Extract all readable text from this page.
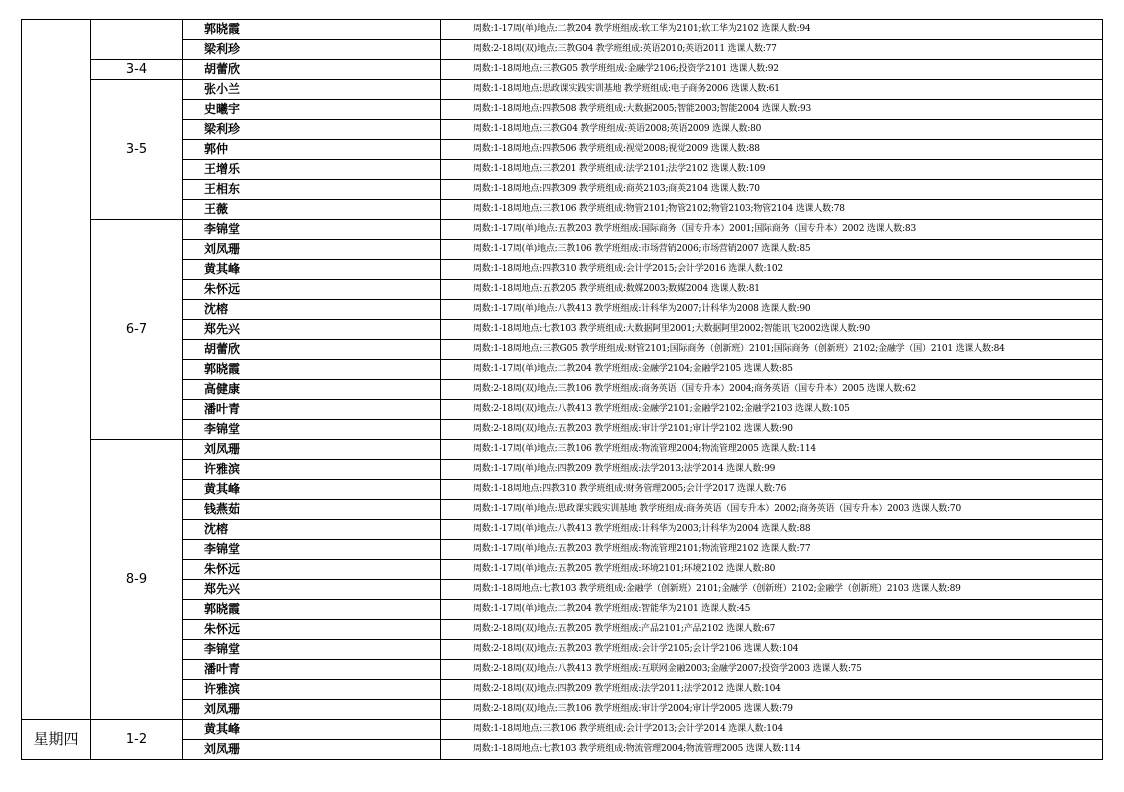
		郭晓霞	周数:1-17周(单)地点:二教204 教学班组成:软工华为2101;软工华为2102 选课人数:94
		梁利珍	周数:2-18周(双)地点:三教G04 教学班组成:英语2010;英语2011 选课人数:77
	3-4	胡蕾欣	周数:1-18周地点:三教G05 教学班组成:金融学2106;投资学2101 选课人数:92
	3-5	张小兰	周数:1-18周地点:思政课实践实训基地 教学班组成:电子商务2006 选课人数:61
		史曦宇	周数:1-18周地点:四教508 教学班组成:大数据2005;智能2003;智能2004 选课人数:93
		梁利珍	周数:1-18周地点:三教G04 教学班组成:英语2008;英语2009 选课人数:80
		郭仲	周数:1-18周地点:四教506 教学班组成:视觉2008;视觉2009 选课人数:88
		王增乐	周数:1-18周地点:三教201 教学班组成:法学2101;法学2102 选课人数:109
		王相东	周数:1-18周地点:四教309 教学班组成:商英2103;商英2104 选课人数:70
		王薇	周数:1-18周地点:三教106 教学班组成:物管2101;物管2102;物管2103;物管2104 选课人数:78
	6-7	李锦堂	周数:1-17周(单)地点:五教203 教学班组成:国际商务（国专升本）2001;国际商务（国专升本）2002 选课人数:83
		刘凤珊	周数:1-17周(单)地点:三教106 教学班组成:市场营销2006;市场营销2007 选课人数:85
		黄其峰	周数:1-18周地点:四教310 教学班组成:会计学2015;会计学2016 选课人数:102
		朱怀远	周数:1-18周地点:五教205 教学班组成:数媒2003;数媒2004 选课人数:81
		沈榕	周数:1-17周(单)地点:八教413 教学班组成:计科华为2007;计科华为2008 选课人数:90
		郑先兴	周数:1-18周地点:七教103 教学班组成:大数据阿里2001;大数据阿里2002;智能讯飞2002选课人数:90
		胡蕾欣	周数:1-18周地点:三教G05 教学班组成:财管2101;国际商务（创新班）2101;国际商务（创新班）2102;金融学（国）2101 选课人数:84
		郭晓霞	周数:1-17周(单)地点:二教204 教学班组成:金融学2104;金融学2105 选课人数:85
		高健康	周数:2-18周(双)地点:三教106 教学班组成:商务英语（国专升本）2004;商务英语（国专升本）2005 选课人数:62
		潘叶青	周数:2-18周(双)地点:八教413 教学班组成:金融学2101;金融学2102;金融学2103 选课人数:105
		李锦堂	周数:2-18周(双)地点:五教203 教学班组成:审计学2101;审计学2102 选课人数:90
	8-9	刘凤珊	周数:1-17周(单)地点:三教106 教学班组成:物流管理2004;物流管理2005 选课人数:114
		许雅滨	周数:1-17周(单)地点:四教209 教学班组成:法学2013;法学2014 选课人数:99
		黄其峰	周数:1-18周地点:四教310 教学班组成:财务管理2005;会计学2017 选课人数:76
		钱燕茹	周数:1-17周(单)地点:思政课实践实训基地 教学班组成:商务英语（国专升本）2002;商务英语（国专升本）2003 选课人数:70
		沈榕	周数:1-17周(单)地点:八教413 教学班组成:计科华为2003;计科华为2004 选课人数:88
		李锦堂	周数:1-17周(单)地点:五教203 教学班组成:物流管理2101;物流管理2102 选课人数:77
		朱怀远	周数:1-17周(单)地点:五教205 教学班组成:环境2101;环境2102 选课人数:80
		郑先兴	周数:1-18周地点:七教103 教学班组成:金融学（创新班）2101;金融学（创新班）2102;金融学（创新班）2103 选课人数:89
		郭晓霞	周数:1-17周(单)地点:二教204 教学班组成:智能华为2101 选课人数:45
		朱怀远	周数:2-18周(双)地点:五教205 教学班组成:产品2101;产品2102 选课人数:67
		李锦堂	周数:2-18周(双)地点:五教203 教学班组成:会计学2105;会计学2106 选课人数:104
		潘叶青	周数:2-18周(双)地点:八教413 教学班组成:互联网金融2003;金融学2007;投资学2003 选课人数:75
		许雅滨	周数:2-18周(双)地点:四教209 教学班组成:法学2011;法学2012 选课人数:104
		刘凤珊	周数:2-18周(双)地点:三教106 教学班组成:审计学2004;审计学2005 选课人数:79
星期四	1-2	黄其峰	周数:1-18周地点:三教106 教学班组成:会计学2013;会计学2014 选课人数:104
		刘凤珊	周数:1-18周地点:七教103 教学班组成:物流管理2004;物流管理2005 选课人数:114
